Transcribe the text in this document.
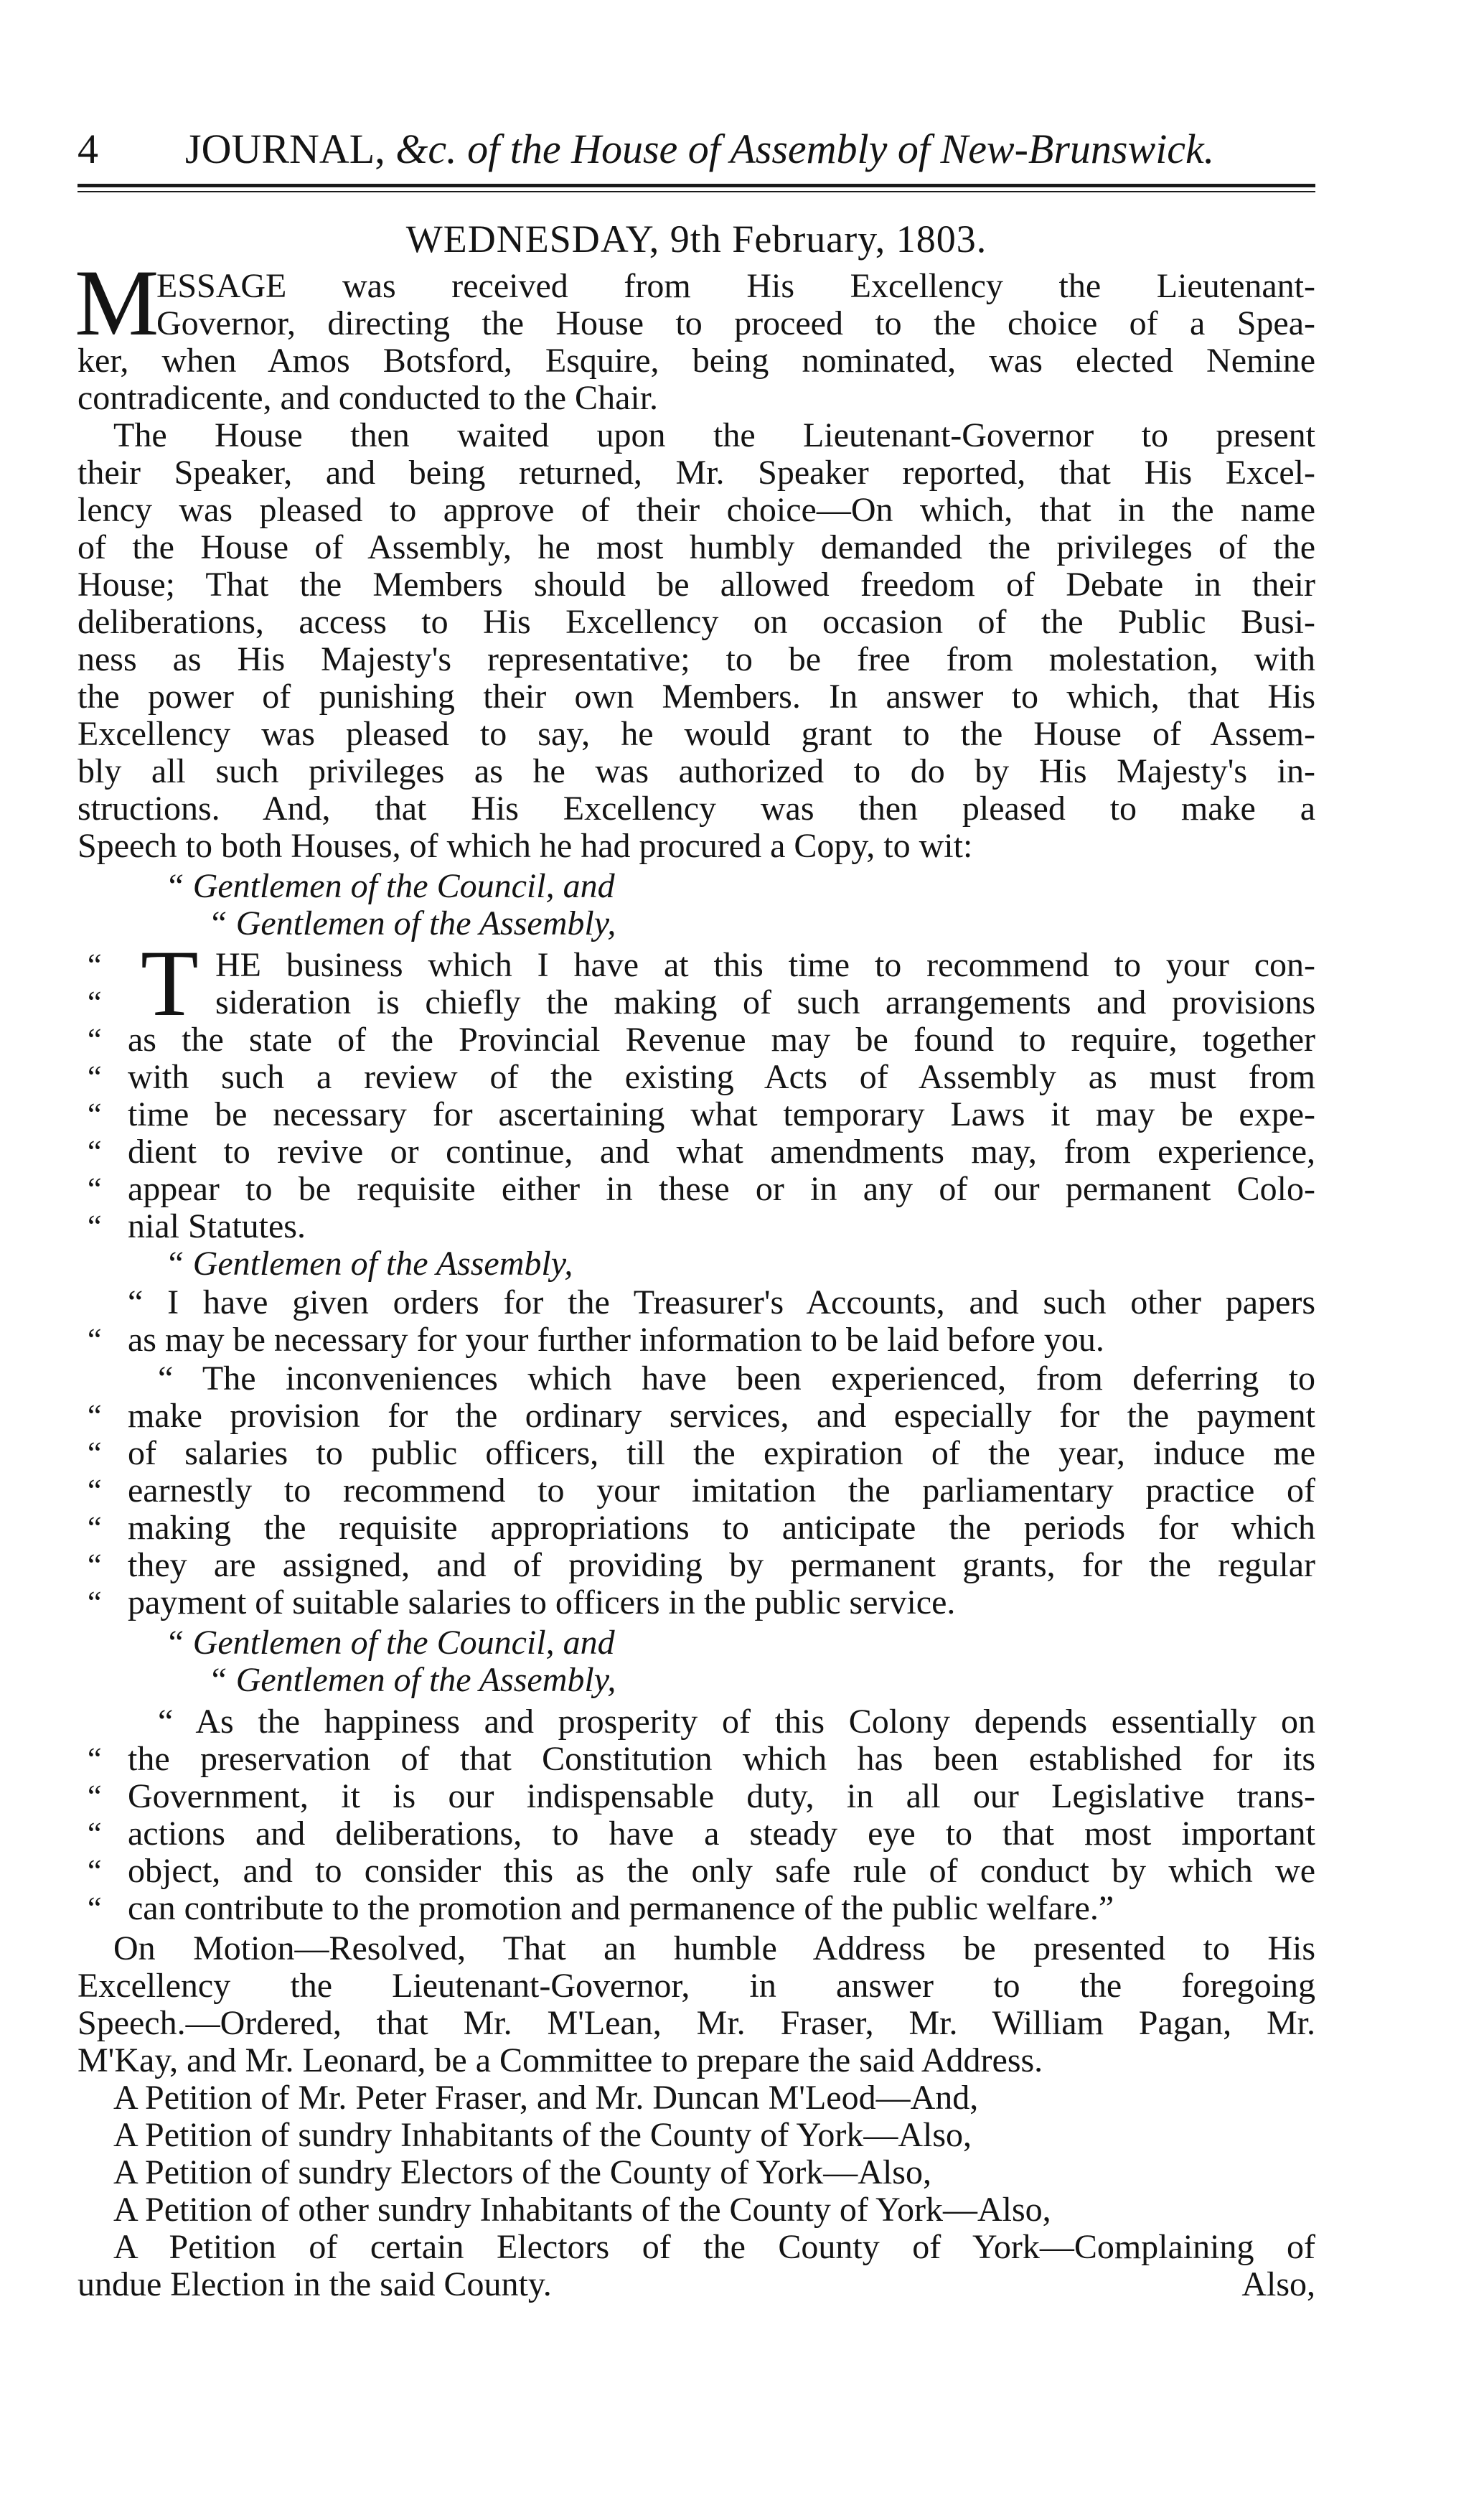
4 JOURNAL, &c. of the House of Assembly of New-Brunswick.
WEDNESDAY, 9th February, 1803.
M
ESSAGE was received from His Excellency the Lieutenant-
Governor, directing the House to proceed to the choice of a Spea-
ker, when Amos Botsford, Esquire, being nominated, was elected Nemine
contradicente, and conducted to the Chair.
The House then waited upon the Lieutenant-Governor to present
their Speaker, and being returned, Mr. Speaker reported, that His Excel-
lency was pleased to approve of their choice—On which, that in the name
of the House of Assembly, he most humbly demanded the privileges of the
House; That the Members should be allowed freedom of Debate in their
deliberations, access to His Excellency on occasion of the Public Busi-
ness as His Majesty's representative; to be free from molestation, with
the power of punishing their own Members. In answer to which, that His
Excellency was pleased to say, he would grant to the House of Assem-
bly all such privileges as he was authorized to do by His Majesty's in-
structions. And, that His Excellency was then pleased to make a
Speech to both Houses, of which he had procured a Copy, to wit:
“ Gentlemen of the Council, and
“ Gentlemen of the Assembly,
T
“	HE business which I have at this time to recommend to your con-
“	sideration is chiefly the making of such arrangements and provisions
“ as the state of the Provincial Revenue may be found to require, together
“ with such a review of the existing Acts of Assembly as must from
“ time be necessary for ascertaining what temporary Laws it may be expe-
“ dient to revive or continue, and what amendments may, from experience,
“ appear to be requisite either in these or in any of our permanent Colo-
“ nial Statutes.
“ Gentlemen of the Assembly,
“
“ I have given orders for the Treasurer's Accounts, and such other papers
as may be necessary for your further information to be laid before you.
“ The inconveniences which have been experienced, from deferring to
“ make provision for the ordinary services, and especially for the payment
“ of salaries to public officers, till the expiration of the year, induce me
“ earnestly to recommend to your imitation the parliamentary practice of
“ making the requisite appropriations to anticipate the periods for which
“ they are assigned, and of providing by permanent grants, for the regular
“ payment of suitable salaries to officers in the public service.
“ Gentlemen of the Council, and
“ Gentlemen of the Assembly,
“ As the happiness and prosperity of this Colony depends essentially on
“ the preservation of that Constitution which has been established for its
“ Government, it is our indispensable duty, in all our Legislative trans-
“ actions and deliberations, to have a steady eye to that most important
“ object, and to consider this as the only safe rule of conduct by which we
“ can contribute to the promotion and permanence of the public welfare.”
On Motion—Resolved, That an humble Address be presented to His
Excellency the Lieutenant-Governor, in answer to the foregoing
Speech.—Ordered, that Mr. M'Lean, Mr. Fraser, Mr. William Pagan, Mr.
M'Kay, and Mr. Leonard, be a Committee to prepare the said Address.
A Petition of Mr. Peter Fraser, and Mr. Duncan M'Leod—And,
A Petition of sundry Inhabitants of the County of York—Also,
A Petition of sundry Electors of the County of York—Also,
A Petition of other sundry Inhabitants of the County of York—Also,
A Petition of certain Electors of the County of York—Complaining of
undue Election in the said County.	Also,
